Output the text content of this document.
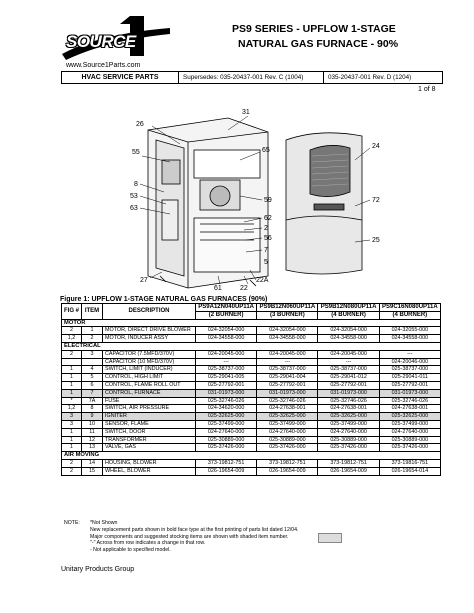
SOURCE
www.Source1Parts.com
PS9 SERIES - UPFLOW 1-STAGE
NATURAL GAS FURNACE - 90%
HVAC SERVICE PARTS	Supersedes: 035-20437-001 Rev. C (1004)	035-20437-001 Rev. D (1204)
1 of 8
31
26
55	65
24
8
53
63
59
62
2
56
7
72
25
27
61	22
22A
5
Figure 1: UPFLOW 1-STAGE NATURAL GAS FURNACES (90%)
FIG #	ITEM	DESCRIPTION	PS9A12N040UP11A	PS9B12N060UP11A	PS9B12N080UP11A	PS9C16N080UP11A
			(2 BURNER)	(3 BURNER)	(4 BURNER)	(4 BURNER)
MOTOR						
2	1	MOTOR, DIRECT DRIVE BLOWER	024-32054-000	024-32054-000	024-32054-000	024-32055-000
1,2	2	MOTOR, INDUCER ASSY	024-34558-000	024-34558-000	024-34558-000	024-34558-000
ELECTRICAL						
2	3	CAPACITOR (7.5MFD/370V)	024-20045-000	024-20045-000	024-20045-000	---
		CAPACITOR (10 MFD/370V)	---	---	---	024-20046-000
1	4	SWITCH, LIMIT (INDUCER)	025-38737-000	025-38737-000	025-38737-000	025-38737-000
1	5	CONTROL, HIGH LIMIT	025-29041-005	025-29041-004	025-29041-012	025-29041-011
1	6	CONTROL, FLAME ROLL OUT	025-27792-001	025-27792-001	025-27792-001	025-27792-001
1	7	CONTROL, FURNACE	031-01973-000	031-01973-000	031-01973-000	031-01973-000
*	7A	FUSE	025-32746-026	025-32746-026	025-32746-026	025-32746-026
1,2	8	SWITCH, AIR PRESSURE	024-34620-000	024-27638-001	024-27638-001	024-27638-001
3	9	IGNITER	025-32625-000	025-32625-000	025-32625-000	025-32625-000
3	10	SENSOR, FLAME	025-37499-000	025-37499-000	025-37499-000	025-37499-000
1	11	SWITCH, DOOR	024-27640-000	024-27640-000	024-27640-000	024-27640-000
1	12	TRANSFORMER	025-30889-000	025-30889-000	025-30889-000	025-30889-000
1	13	VALVE, GAS	025-37426-000	025-37426-000	025-37426-000	025-37426-000
AIR MOVING						
2	14	HOUSING, BLOWER	373-19812-751	373-19812-751	373-19812-751	373-19816-751
2	15	WHEEL, BLOWER	026-19654-009	026-19654-009	026-19654-009	026-19654-014
NOTE: *Not Shown
New replacement parts shown in bold face type at the first printing of parts list dated 12/04.
Major components and suggested stocking items are shown with shaded item number.
"-" Across from row indicates a change in that row.
- Not applicable to specified model.
Unitary Products Group
